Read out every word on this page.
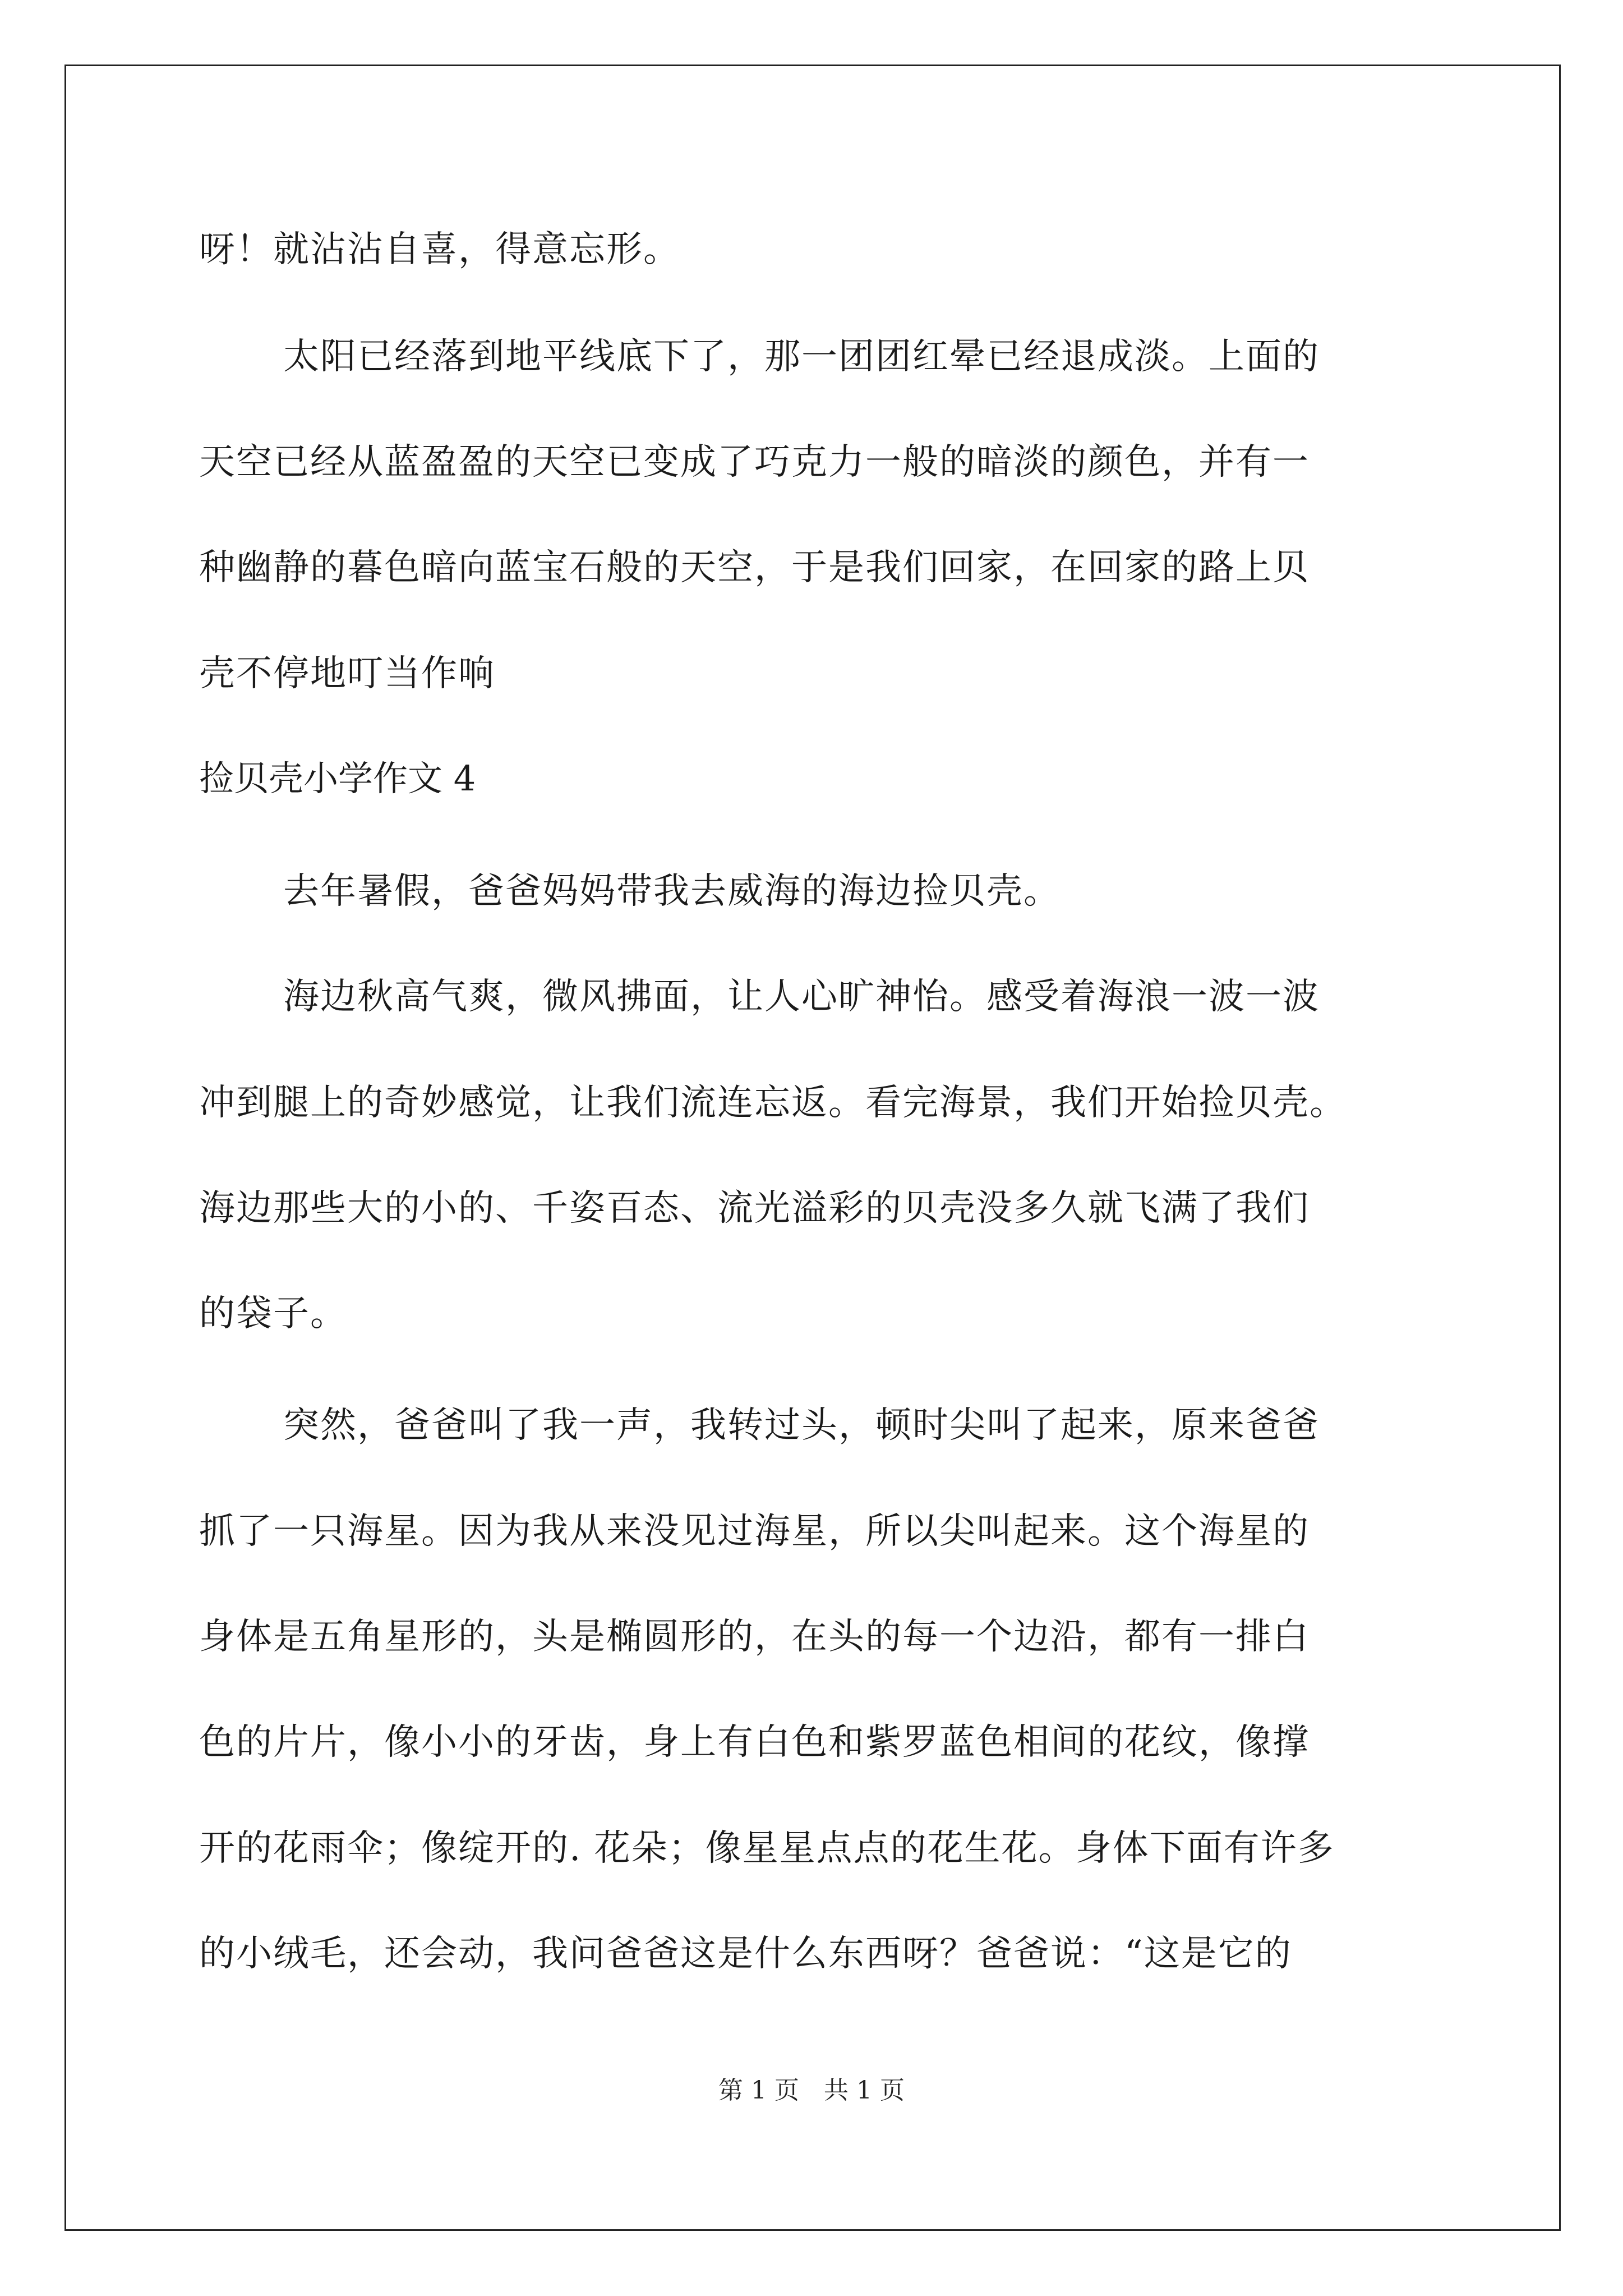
呀！就沾沾自喜，得意忘形。
太阳已经落到地平线底下了，那一团团红晕已经退成淡。上面的
天空已经从蓝盈盈的天空已变成了巧克力一般的暗淡的颜色，并有一
种幽静的暮色暗向蓝宝石般的天空，于是我们回家，在回家的路上贝
壳不停地叮当作响
捡贝壳小学作文 4
去年暑假，爸爸妈妈带我去威海的海边捡贝壳。
海边秋高气爽，微风拂面，让人心旷神怡。感受着海浪一波一波
冲到腿上的奇妙感觉，让我们流连忘返。看完海景，我们开始捡贝壳。
海边那些大的小的、千姿百态、流光溢彩的贝壳没多久就飞满了我们
的袋子。
突然，爸爸叫了我一声，我转过头，顿时尖叫了起来，原来爸爸
抓了一只海星。因为我从来没见过海星，所以尖叫起来。这个海星的
身体是五角星形的，头是椭圆形的，在头的每一个边沿，都有一排白
色的片片，像小小的牙齿，身上有白色和紫罗蓝色相间的花纹，像撑
开的花雨伞；像绽开的. 花朵；像星星点点的花生花。身体下面有许多
的小绒毛，还会动，我问爸爸这是什么东西呀？爸爸说：“这是它的
第 1 页　共 1 页
